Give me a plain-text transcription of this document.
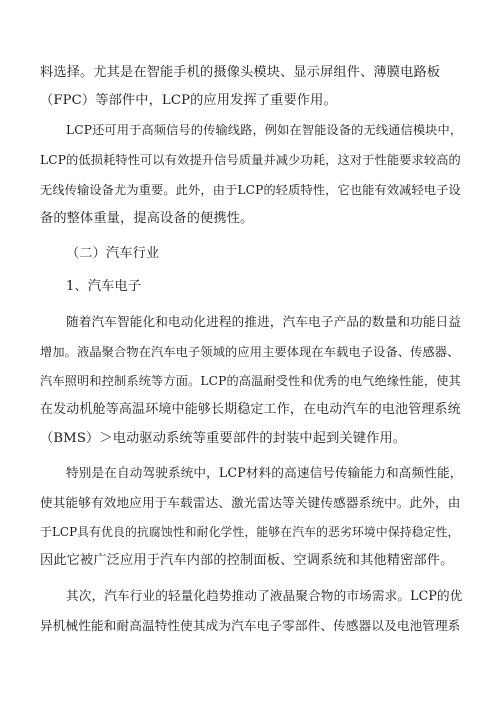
料选择。尤其是在智能手机的摄像头模块、显示屏组件、薄膜电路板
（FPC）等部件中，LCP的应用发挥了重要作用。
LCP还可用于高频信号的传输线路，例如在智能设备的无线通信模块中，
LCP的低损耗特性可以有效提升信号质量并减少功耗，这对于性能要求较高的
无线传输设备尤为重要。此外，由于LCP的轻质特性，它也能有效减轻电子设
备的整体重量，提高设备的便携性。
（二）汽车行业
1、汽车电子
随着汽车智能化和电动化进程的推进，汽车电子产品的数量和功能日益
增加。液晶聚合物在汽车电子领域的应用主要体现在车载电子设备、传感器、
汽车照明和控制系统等方面。LCP的高温耐受性和优秀的电气绝缘性能，使其
在发动机舱等高温环境中能够长期稳定工作，在电动汽车的电池管理系统
（BMS）＞电动驱动系统等重要部件的封装中起到关键作用。
特别是在自动驾驶系统中，LCP材料的高速信号传输能力和高频性能，
使其能够有效地应用于车载雷达、激光雷达等关键传感器系统中。此外，由
于LCP具有优良的抗腐蚀性和耐化学性，能够在汽车的恶劣环境中保持稳定性，
因此它被广泛应用于汽车内部的控制面板、空调系统和其他精密部件。
其次，汽车行业的轻量化趋势推动了液晶聚合物的市场需求。LCP的优
异机械性能和耐高温特性使其成为汽车电子零部件、传感器以及电池管理系
